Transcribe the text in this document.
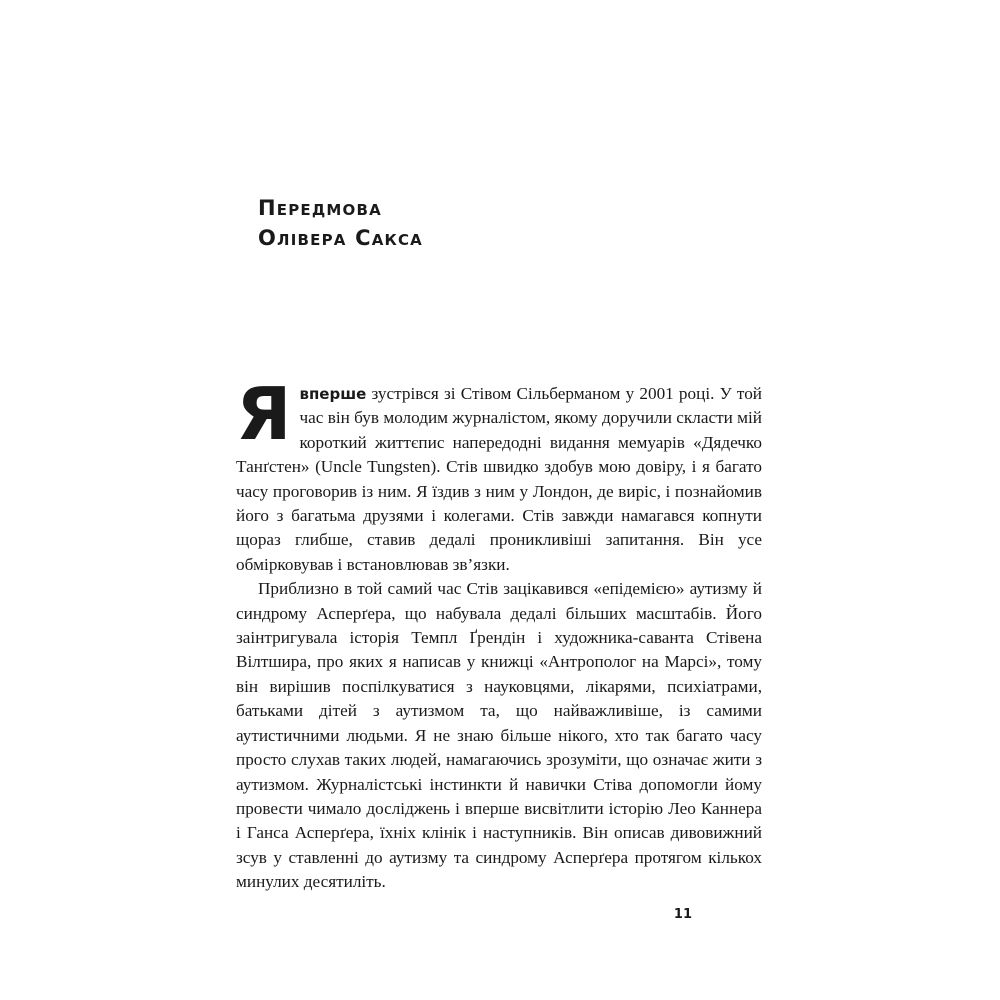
Передмова
Олівера Сакса

Явперше зустрівся зі Стівом Сільберманом у 2001 році. У той час він був молодим журналістом, якому доручили скласти мій короткий життєпис напередодні видання мемуарів «Дядечко Танґстен» (Uncle Tungsten). Стів швидко здобув мою довіру, і я багато часу проговорив із ним. Я їздив з ним у Лондон, де виріс, і познайомив його з багатьма друзями і колегами. Стів завжди намагався копнути щораз глибше, ставив дедалі проникливіші запитання. Він усе обмірковував і встановлював зв’язки.

Приблизно в той самий час Стів зацікавився «епідемією» аутизму й синдрому Асперґера, що набувала дедалі більших масштабів. Його заінтригувала історія Темпл Ґрендін і художника-саванта Стівена Вілтшира, про яких я написав у книжці «Антрополог на Марсі», тому він вирішив поспілкуватися з науковцями, лікарями, психіатрами, батьками дітей з аутизмом та, що найважливіше, із самими аутистичними людьми. Я не знаю більше нікого, хто так багато часу просто слухав таких людей, намагаючись зрозуміти, що означає жити з аутизмом. Журналістські інстинкти й навички Стіва допомогли йому провести чимало досліджень і вперше висвітлити історію Лео Каннера і Ганса Асперґера, їхніх клінік і наступників. Він описав дивовижний зсув у ставленні до аутизму та синдрому Асперґера протягом кількох минулих десятиліть.

11
